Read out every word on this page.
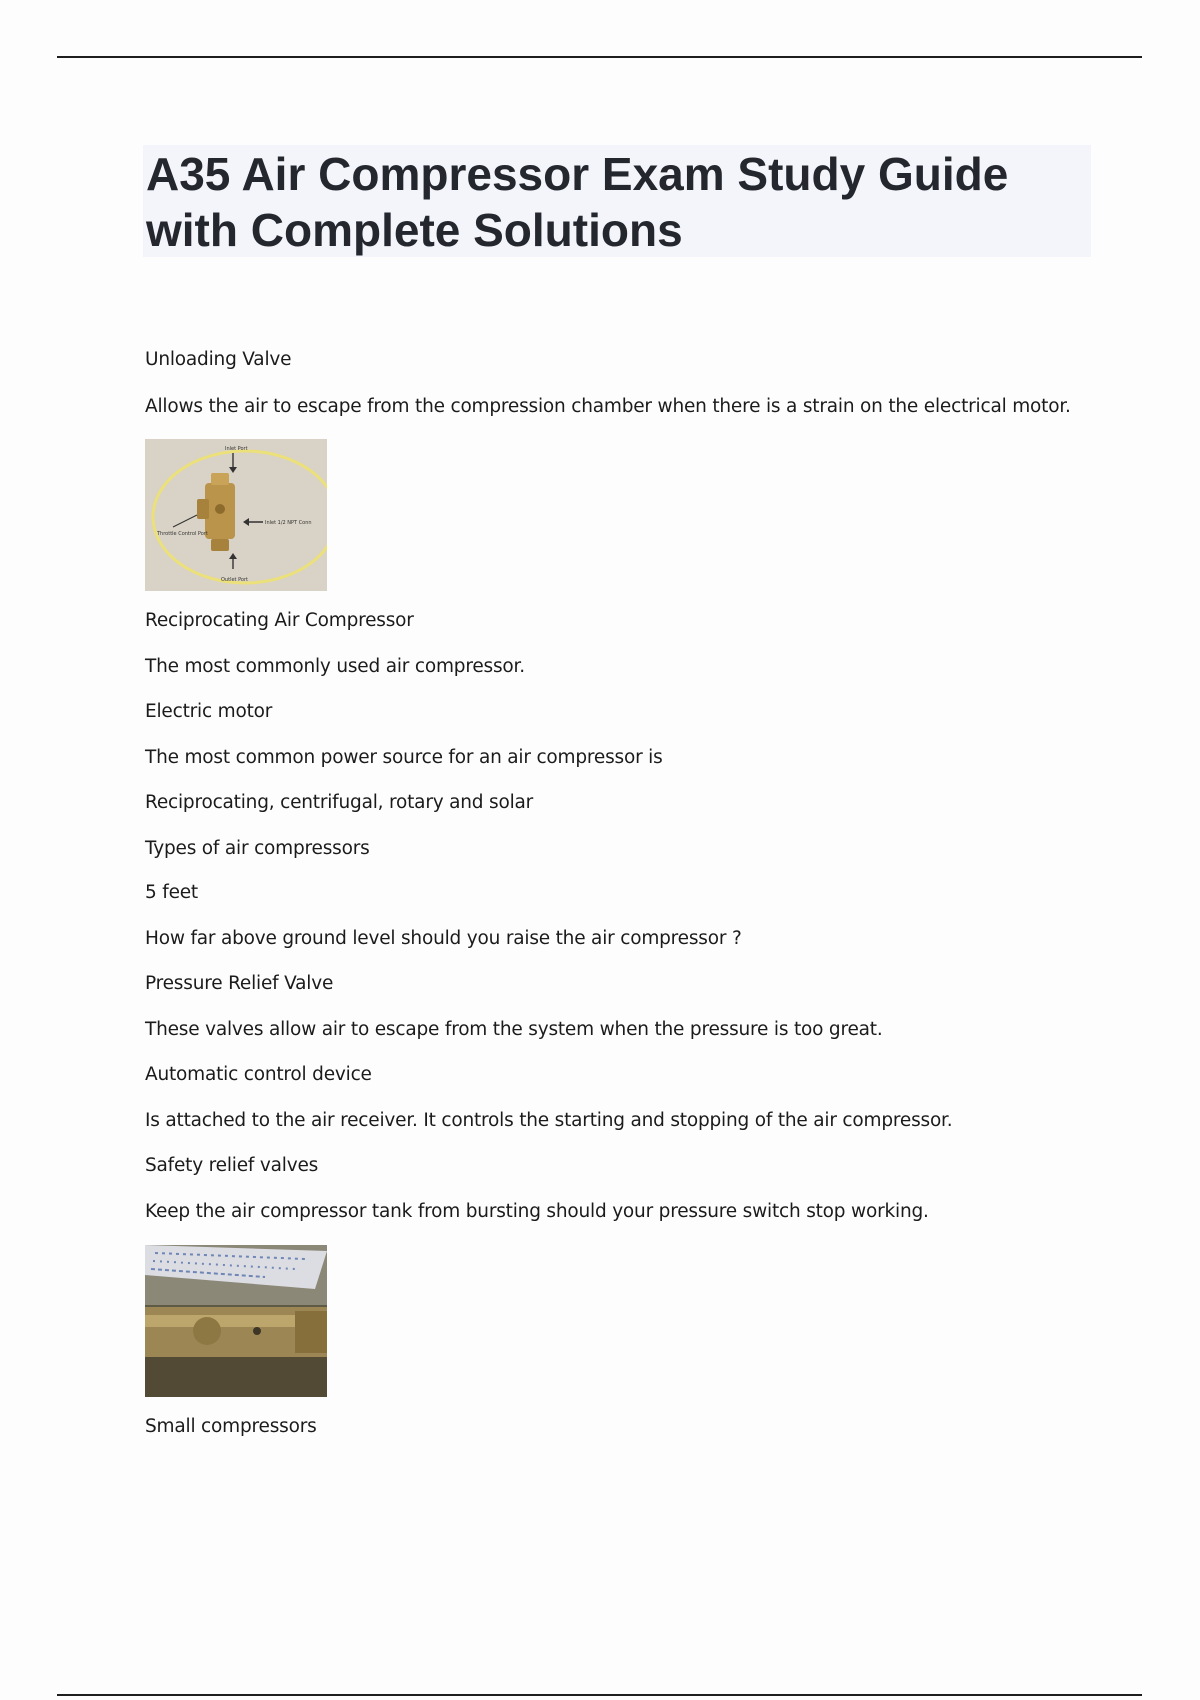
A35 Air Compressor Exam Study Guide with Complete Solutions
Unloading Valve
Allows the air to escape from the compression chamber when there is a strain on the electrical motor.
Inlet Port
Inlet 1/2 NPT Conn
Throttle Control Port
Outlet Port
Reciprocating Air Compressor
The most commonly used air compressor.
Electric motor
The most common power source for an air compressor is
Reciprocating, centrifugal, rotary and solar
Types of air compressors
5 feet
How far above ground level should you raise the air compressor ?
Pressure Relief Valve
These valves allow air to escape from the system when the pressure is too great.
Automatic control device
Is attached to the air receiver. It controls the starting and stopping of the air compressor.
Safety relief valves
Keep the air compressor tank from bursting should your pressure switch stop working.
Small compressors
